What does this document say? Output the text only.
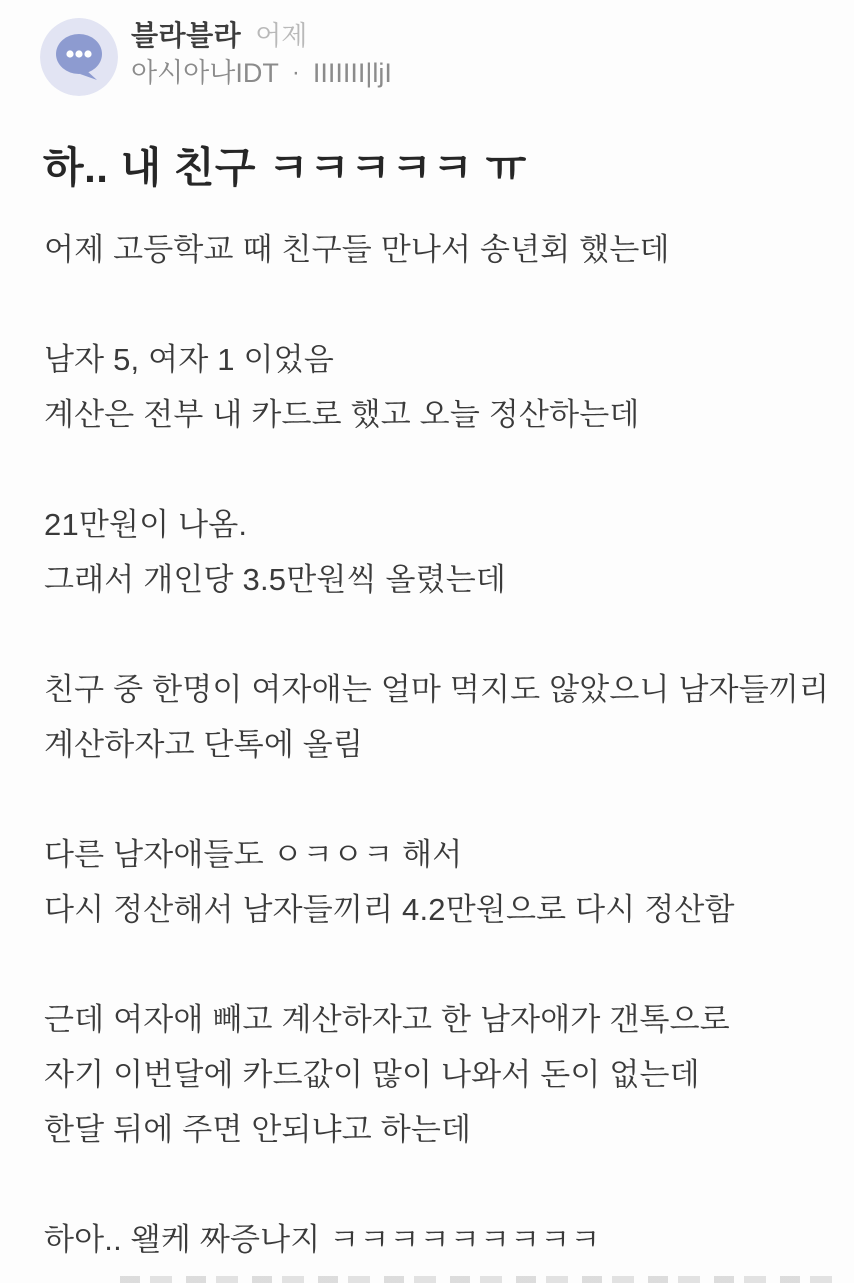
블라블라 어제
아시아나IDT · IIIIIII|ljI
하.. 내 친구 ㅋㅋㅋㅋㅋ ㅠ

어제 고등학교 때 친구들 만나서 송년회 했는데

남자 5, 여자 1 이었음
계산은 전부 내 카드로 했고 오늘 정산하는데

21만원이 나옴.
그래서 개인당 3.5만원씩 올렸는데

친구 중 한명이 여자애는 얼마 먹지도 않았으니 남자들끼리
계산하자고 단톡에 올림

다른 남자애들도 ㅇㅋㅇㅋ 해서
다시 정산해서 남자들끼리 4.2만원으로 다시 정산함

근데 여자애 빼고 계산하자고 한 남자애가 갠톡으로
자기 이번달에 카드값이 많이 나와서 돈이 없는데
한달 뒤에 주면 안되냐고 하는데

하아.. 왤케 짜증나지 ㅋㅋㅋㅋㅋㅋㅋㅋㅋ
